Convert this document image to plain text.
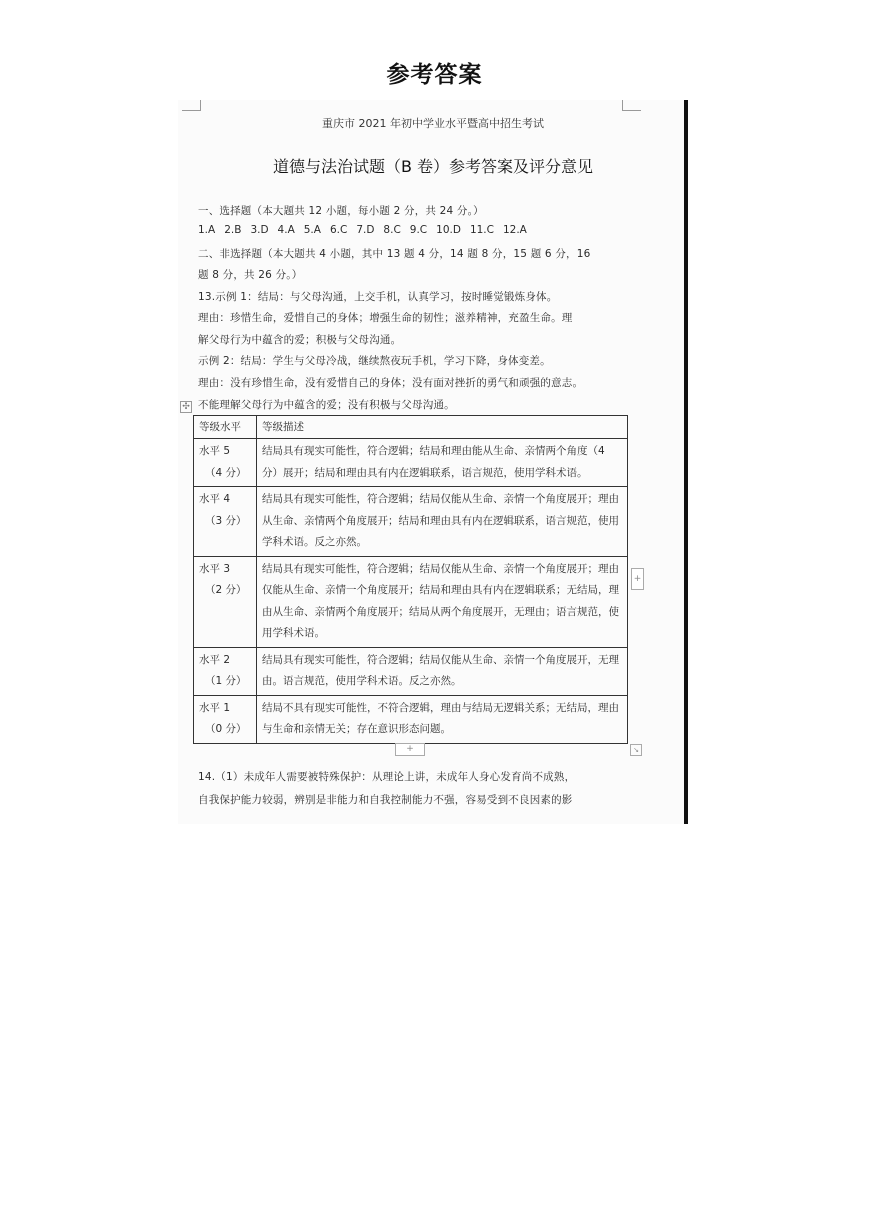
参考答案
重庆市 2021 年初中学业水平暨高中招生考试
道德与法治试题（B 卷）参考答案及评分意见
一、选择题（本大题共 12 小题，每小题 2 分，共 24 分。）
1.A 2.B 3.D 4.A 5.A 6.C 7.D 8.C 9.C 10.D 11.C 12.A
二、非选择题（本大题共 4 小题，其中 13 题 4 分，14 题 8 分，15 题 6 分，16
题 8 分，共 26 分。）
13.示例 1：结局：与父母沟通，上交手机，认真学习，按时睡觉锻炼身体。
理由：珍惜生命，爱惜自己的身体；增强生命的韧性；滋养精神，充盈生命。理
解父母行为中蕴含的爱；积极与父母沟通。
示例 2：结局：学生与父母冷战，继续熬夜玩手机，学习下降，身体变差。
理由：没有珍惜生命，没有爱惜自己的身体；没有面对挫折的勇气和顽强的意志。
不能理解父母行为中蕴含的爱；没有积极与父母沟通。
✣
等级水平	等级描述
水平 5
（4 分）	结局具有现实可能性，符合逻辑；结局和理由能从生命、亲情两个角度（4 分）展开；结局和理由具有内在逻辑联系，语言规范，使用学科术语。
水平 4
（3 分）	结局具有现实可能性，符合逻辑；结局仅能从生命、亲情一个角度展开；理由从生命、亲情两个角度展开；结局和理由具有内在逻辑联系，语言规范，使用学科术语。反之亦然。
水平 3
（2 分）	结局具有现实可能性，符合逻辑；结局仅能从生命、亲情一个角度展开；理由仅能从生命、亲情一个角度展开；结局和理由具有内在逻辑联系；无结局，理由从生命、亲情两个角度展开；结局从两个角度展开，无理由；语言规范，使用学科术语。
水平 2
（1 分）	结局具有现实可能性，符合逻辑；结局仅能从生命、亲情一个角度展开，无理由。语言规范，使用学科术语。反之亦然。
水平 1
（0 分）	结局不具有现实可能性，不符合逻辑，理由与结局无逻辑关系；无结局，理由与生命和亲情无关；存在意识形态问题。
+
+	↘
14.（1）未成年人需要被特殊保护：从理论上讲，未成年人身心发育尚不成熟，
自我保护能力较弱，辨别是非能力和自我控制能力不强，容易受到不良因素的影
